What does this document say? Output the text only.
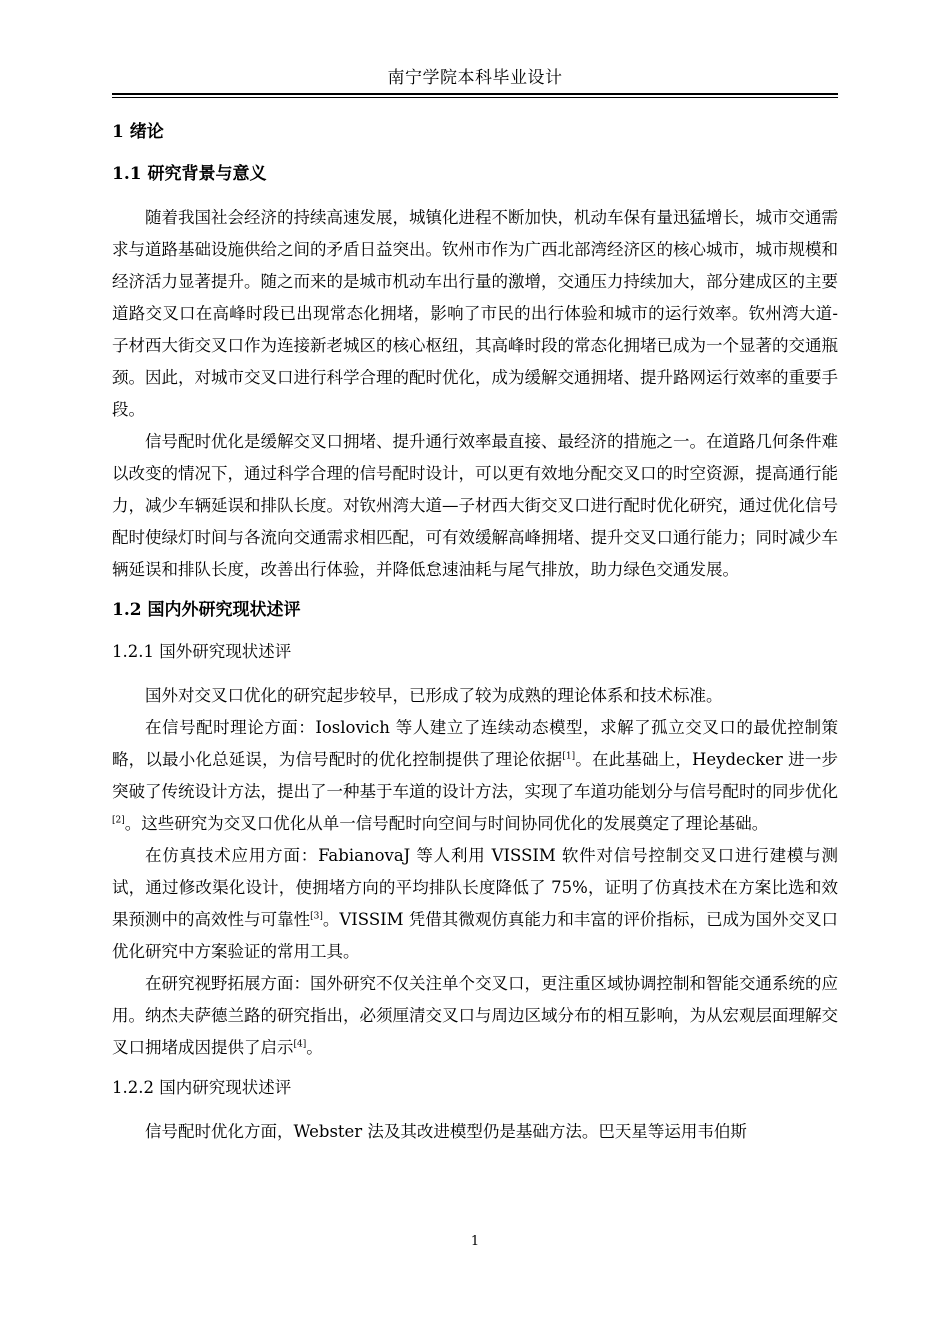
南宁学院本科毕业设计
1 绪论
1.1 研究背景与意义

随着我国社会经济的持续高速发展，城镇化进程不断加快，机动车保有量迅猛增长，城市交通需求与道路基础设施供给之间的矛盾日益突出。钦州市作为广西北部湾经济区的核心城市，城市规模和经济活力显著提升。随之而来的是城市机动车出行量的激增，交通压力持续加大，部分建成区的主要道路交叉口在高峰时段已出现常态化拥堵，影响了市民的出行体验和城市的运行效率。钦州湾大道-子材西大街交叉口作为连接新老城区的核心枢纽，其高峰时段的常态化拥堵已成为一个显著的交通瓶颈。因此，对城市交叉口进行科学合理的配时优化，成为缓解交通拥堵、提升路网运行效率的重要手段。

信号配时优化是缓解交叉口拥堵、提升通行效率最直接、最经济的措施之一。在道路几何条件难以改变的情况下，通过科学合理的信号配时设计，可以更有效地分配交叉口的时空资源，提高通行能力，减少车辆延误和排队长度。对钦州湾大道—子材西大街交叉口进行配时优化研究，通过优化信号配时使绿灯时间与各流向交通需求相匹配，可有效缓解高峰拥堵、提升交叉口通行能力；同时减少车辆延误和排队长度，改善出行体验，并降低怠速油耗与尾气排放，助力绿色交通发展。

1.2 国内外研究现状述评
1.2.1 国外研究现状述评

国外对交叉口优化的研究起步较早，已形成了较为成熟的理论体系和技术标准。

在信号配时理论方面：Ioslovich 等人建立了连续动态模型，求解了孤立交叉口的最优控制策略，以最小化总延误，为信号配时的优化控制提供了理论依据[1]。在此基础上，Heydecker 进一步突破了传统设计方法，提出了一种基于车道的设计方法，实现了车道功能划分与信号配时的同步优化[2]。这些研究为交叉口优化从单一信号配时向空间与时间协同优化的发展奠定了理论基础。

在仿真技术应用方面：FabianovaJ 等人利用 VISSIM 软件对信号控制交叉口进行建模与测试，通过修改渠化设计，使拥堵方向的平均排队长度降低了 75%，证明了仿真技术在方案比选和效果预测中的高效性与可靠性[3]。VISSIM 凭借其微观仿真能力和丰富的评价指标，已成为国外交叉口优化研究中方案验证的常用工具。

在研究视野拓展方面：国外研究不仅关注单个交叉口，更注重区域协调控制和智能交通系统的应用。纳杰夫萨德兰路的研究指出，必须厘清交叉口与周边区域分布的相互影响，为从宏观层面理解交叉口拥堵成因提供了启示[4]。

1.2.2 国内研究现状述评

信号配时优化方面，Webster 法及其改进模型仍是基础方法。巴天星等运用韦伯斯

1
